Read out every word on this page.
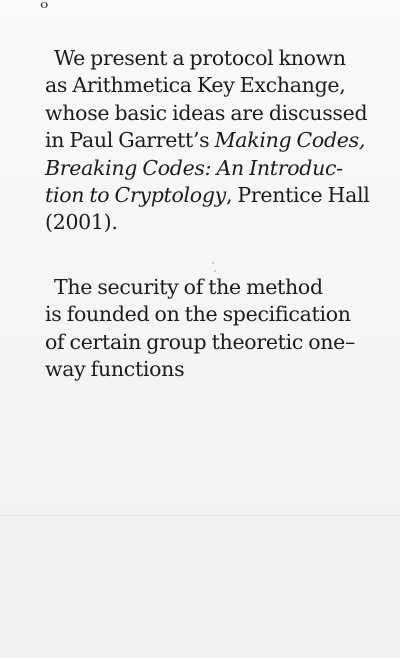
o
We present a protocol known
as Arithmetica Key Exchange,
whose basic ideas are discussed
in Paul Garrett’s Making Codes,
Breaking Codes: An Introduc-
tion to Cryptology, Prentice Hall
(2001).
The security of the method
is founded on the specification
of certain group theoretic one–
way functions
